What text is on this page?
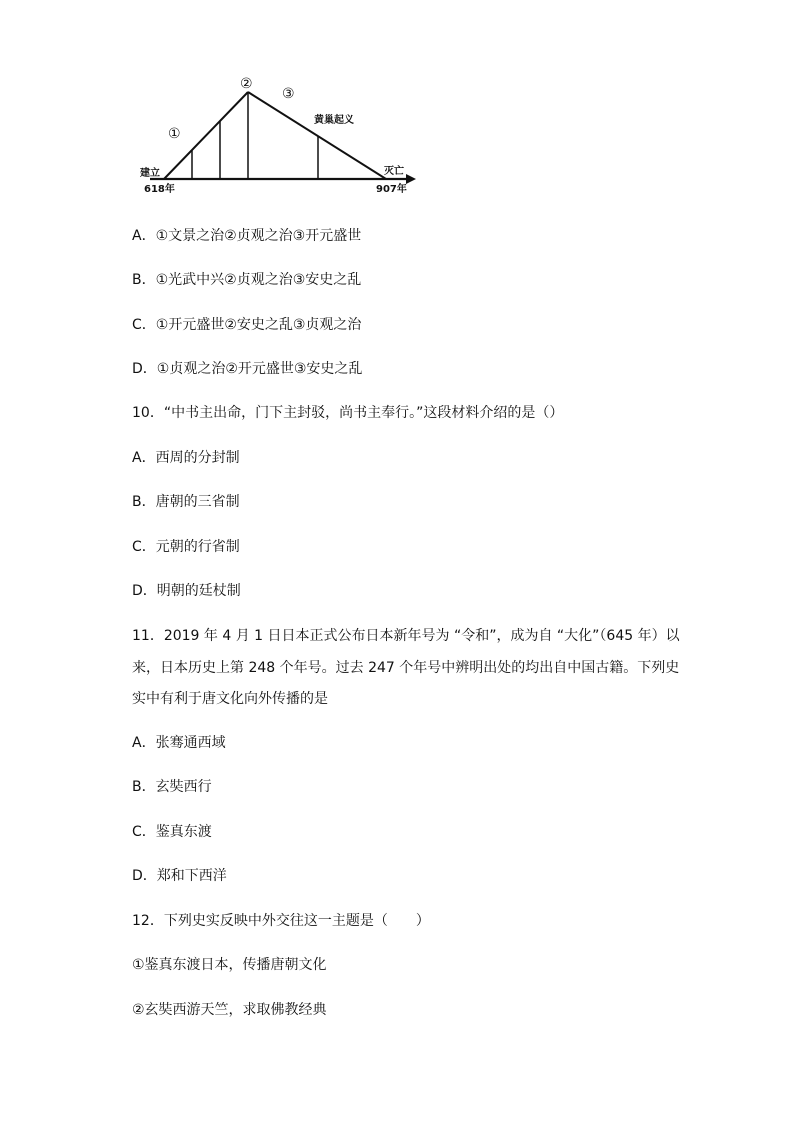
①
②
③
黄巢起义
建立
618年
灭亡
907年
A．①文景之治②贞观之治③开元盛世
B．①光武中兴②贞观之治③安史之乱
C．①开元盛世②安史之乱③贞观之治
D．①贞观之治②开元盛世③安史之乱
10．“中书主出命，门下主封驳，尚书主奉行。”这段材料介绍的是（）
A．西周的分封制
B．唐朝的三省制
C．元朝的行省制
D．明朝的廷杖制
11．2019 年 4 月 1 日日本正式公布日本新年号为 “令和”，成为自 “大化”（645 年）以
来，日本历史上第 248 个年号。过去 247 个年号中辨明出处的均出自中国古籍。下列史
实中有利于唐文化向外传播的是
A．张骞通西域
B．玄奘西行
C．鉴真东渡
D．郑和下西洋
12．下列史实反映中外交往这一主题是（　　）
①鉴真东渡日本，传播唐朝文化
②玄奘西游天竺，求取佛教经典
